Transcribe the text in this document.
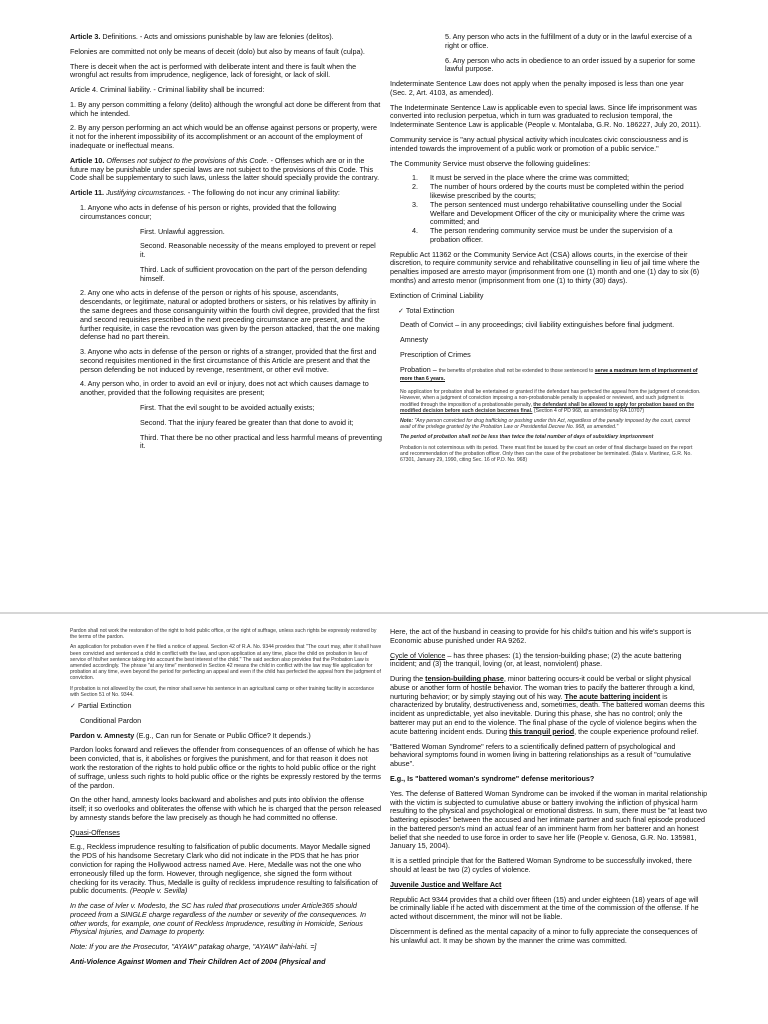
Article 3. Definitions. - Acts and omissions punishable by law are felonies (delitos).

Felonies are committed not only be means of deceit (dolo) but also by means of fault (culpa).

There is deceit when the act is performed with deliberate intent and there is fault when the wrongful act results from imprudence, negligence, lack of foresight, or lack of skill.

Article 4. Criminal liability. - Criminal liability shall be incurred:

1. By any person committing a felony (delito) although the wrongful act done be different from that which he intended.

2. By any person performing an act which would be an offense against persons or property, were it not for the inherent impossibility of its accomplishment or an account of the employment of inadequate or ineffectual means.

Article 10. Offenses not subject to the provisions of this Code. - Offenses which are or in the future may be punishable under special laws are not subject to the provisions of this Code. This Code shall be supplementary to such laws, unless the latter should specially provide the contrary.

Article 11. Justifying circumstances. - The following do not incur any criminal liability:

1. Anyone who acts in defense of his person or rights, provided that the following circumstances concur;

First. Unlawful aggression.

Second. Reasonable necessity of the means employed to prevent or repel it.

Third. Lack of sufficient provocation on the part of the person defending himself.

2. Any one who acts in defense of the person or rights of his spouse, ascendants, descendants, or legitimate, natural or adopted brothers or sisters, or his relatives by affinity in the same degrees and those consanguinity within the fourth civil degree, provided that the first and second requisites prescribed in the next preceding circumstance are present, and the further requisite, in case the revocation was given by the person attacked, that the one making defense had no part therein.

3. Anyone who acts in defense of the person or rights of a stranger, provided that the first and second requisites mentioned in the first circumstance of this Article are present and that the person defending be not induced by revenge, resentment, or other evil motive.

4. Any person who, in order to avoid an evil or injury, does not act which causes damage to another, provided that the following requisites are present;

First. That the evil sought to be avoided actually exists;

Second. That the injury feared be greater than that done to avoid it;

Third. That there be no other practical and less harmful means of preventing it.

5. Any person who acts in the fulfillment of a duty or in the lawful exercise of a right or office.

6. Any person who acts in obedience to an order issued by a superior for some lawful purpose.

Indeterminate Sentence Law does not apply when the penalty imposed is less than one year (Sec. 2, Art. 4103, as amended).

The Indeterminate Sentence Law is applicable even to special laws. Since life imprisonment was converted into reclusion perpetua, which in turn was graduated to reclusion temporal, the Indeterminate Sentence Law is applicable (People v. Montalaba, G.R. No. 186227, July 20, 2011).

Community service is "any actual physical activity which inculcates civic consciousness and is intended towards the improvement of a public work or promotion of a public service."

The Community Service must observe the following guidelines:

1. It must be served in the place where the crime was committed;
2. The number of hours ordered by the courts must be completed within the period likewise prescribed by the courts;
3. The person sentenced must undergo rehabilitative counselling under the Social Welfare and Development Officer of the city or municipality where the crime was committed; and
4. The person rendering community service must be under the supervision of a probation officer.

Republic Act 11362 or the Community Service Act (CSA) allows courts, in the exercise of their discretion, to require community service and rehabilitative counselling in lieu of jail time where the penalties imposed are arresto mayor (imprisonment from one (1) month and one (1) day to six (6) months) and arresto menor (imprisonment from one (1) to thirty (30) days).

Extinction of Criminal Liability

✓ Total Extinction

Death of Convict – in any proceedings; civil liability extinguishes before final judgment.

Amnesty

Prescription of Crimes

Probation – the benefits of probation shall not be extended to those sentenced to serve a maximum term of imprisonment of more than 6 years.

No application for probation shall be entertained or granted if the defendant has perfected the appeal from the judgment of conviction. However, when a judgment of conviction imposing a non-probationable penalty is appealed or reviewed, and such judgment is modified through the imposition of a probationable penalty, the defendant shall be allowed to apply for probation based on the modified decision before such decision becomes final. (Section 4 of PD 968, as amended by RA 10707)

Note: "Any person convicted for drug trafficking or pushing under this Act, regardless of the penalty imposed by the court, cannot avail of the privilege granted by the Probation Law or Presidential Decree No. 968, as amended."

The period of probation shall not be less than twice the total number of days of subsidiary imprisonment

Probation is not coterminous with its period. There must first be issued by the court an order of final discharge based on the report and recommendation of the probation officer. Only then can the case of the probationer be terminated. (Bala v. Martinez, G.R. No. 67301, January 29, 1990, citing Sec. 16 of P.D. No. 968)

Pardon shall not work the restoration of the right to hold public office, or the right of suffrage, unless such rights be expressly restored by the terms of the pardon.

An application for probation even if he filed a notice of appeal. Section 42 of R.A. No. 9344 provides that "The court may, after it shall have been convicted and sentenced a child in conflict with the law, and upon application at any time, place the child on probation in lieu of service of his/her sentence taking into account the best interest of the child." The said section also provides that the Probation Law is amended accordingly. The phrase "at any time" mentioned in Section 42 means the child in conflict with the law may file application for probation at any time, even beyond the period for perfecting an appeal and even if the child has perfected the appeal from the judgment of conviction.

If probation is not allowed by the court, the minor shall serve his sentence in an agricultural camp or other training facility in accordance with Section 51 of No. 9344.

✓ Partial Extinction

Conditional Pardon

Pardon v. Amnesty (E.g., Can run for Senate or Public Office? It depends.)

Pardon looks forward and relieves the offender from consequences of an offense of which he has been convicted, that is, it abolishes or forgives the punishment, and for that reason it does not work the restoration of the rights to hold public office or the rights to hold public office or the right of suffrage, unless such rights to hold public office or the rights be expressly restored by the terms of the pardon.

On the other hand, amnesty looks backward and abolishes and puts into oblivion the offense itself; it so overlooks and obliterates the offense with which he is charged that the person released by amnesty stands before the law precisely as though he had committed no offense.

Quasi-Offenses

E.g., Reckless imprudence resulting to falsification of public documents. Mayor Medalle signed the PDS of his handsome Secretary Clark who did not indicate in the PDS that he has prior conviction for raping the Hollywood actress named Ave. Here, Medalle was not the one who erroneously filled up the form. However, through negligence, she signed the form without checking for its veracity. Thus, Medalle is guilty of reckless imprudence resulting to falsification of public documents. (People v. Sevilla)

In the case of Ivler v. Modesto, the SC has ruled that prosecutions under Article365 should proceed from a SINGLE charge regardless of the number or severity of the consequences. In other words, for example, one count of Reckless Imprudence, resulting in Homicide, Serious Physical Injuries, and Damage to property.

Note: If you are the Prosecutor, "AYAW" patakag oharge, "AYAW" ilahi-lahi. =]

Anti-Violence Against Women and Their Children Act of 2004 (Physical and

Here, the act of the husband in ceasing to provide for his child's tuition and his wife's support is Economic abuse punished under RA 9262.

Cycle of Violence – has three phases: (1) the tension-building phase; (2) the acute battering incident; and (3) the tranquil, loving (or, at least, nonviolent) phase.

During the tension-building phase, minor battering occurs-it could be verbal or slight physical abuse or another form of hostile behavior. The woman tries to pacify the batterer through a kind, nurturing behavior; or by simply staying out of his way. The acute battering incident is characterized by brutality, destructiveness and, sometimes, death. The battered woman deems this incident as unpredictable, yet also inevitable. During this phase, she has no control; only the batterer may put an end to the violence. The final phase of the cycle of violence begins when the acute battering incident ends. During this tranquil period, the couple experience profound relief.

"Battered Woman Syndrome" refers to a scientifically defined pattern of psychological and behavioral symptoms found in women living in battering relationships as a result of "cumulative abuse".

E.g., Is "battered woman's syndrome" defense meritorious?

Yes. The defense of Battered Woman Syndrome can be invoked if the woman in marital relationship with the victim is subjected to cumulative abuse or battery involving the infliction of physical harm resulting to the physical and psychological or emotional distress. In sum, there must be "at least two battering episodes" between the accused and her intimate partner and such final episode produced in the battered person's mind an actual fear of an imminent harm from her batterer and an honest belief that she needed to use force in order to save her life (People v. Genosa, G.R. No. 135981, January 15, 2004).

It is a settled principle that for the Battered Woman Syndrome to be successfully invoked, there should at least be two (2) cycles of violence.

Juvenile Justice and Welfare Act

Republic Act 9344 provides that a child over fifteen (15) and under eighteen (18) years of age will be criminally liable if he acted with discernment at the time of the commission of the offense. If he acted without discernment, the minor will not be liable.

Discernment is defined as the mental capacity of a minor to fully appreciate the consequences of his unlawful act. It may be shown by the manner the crime was committed.
